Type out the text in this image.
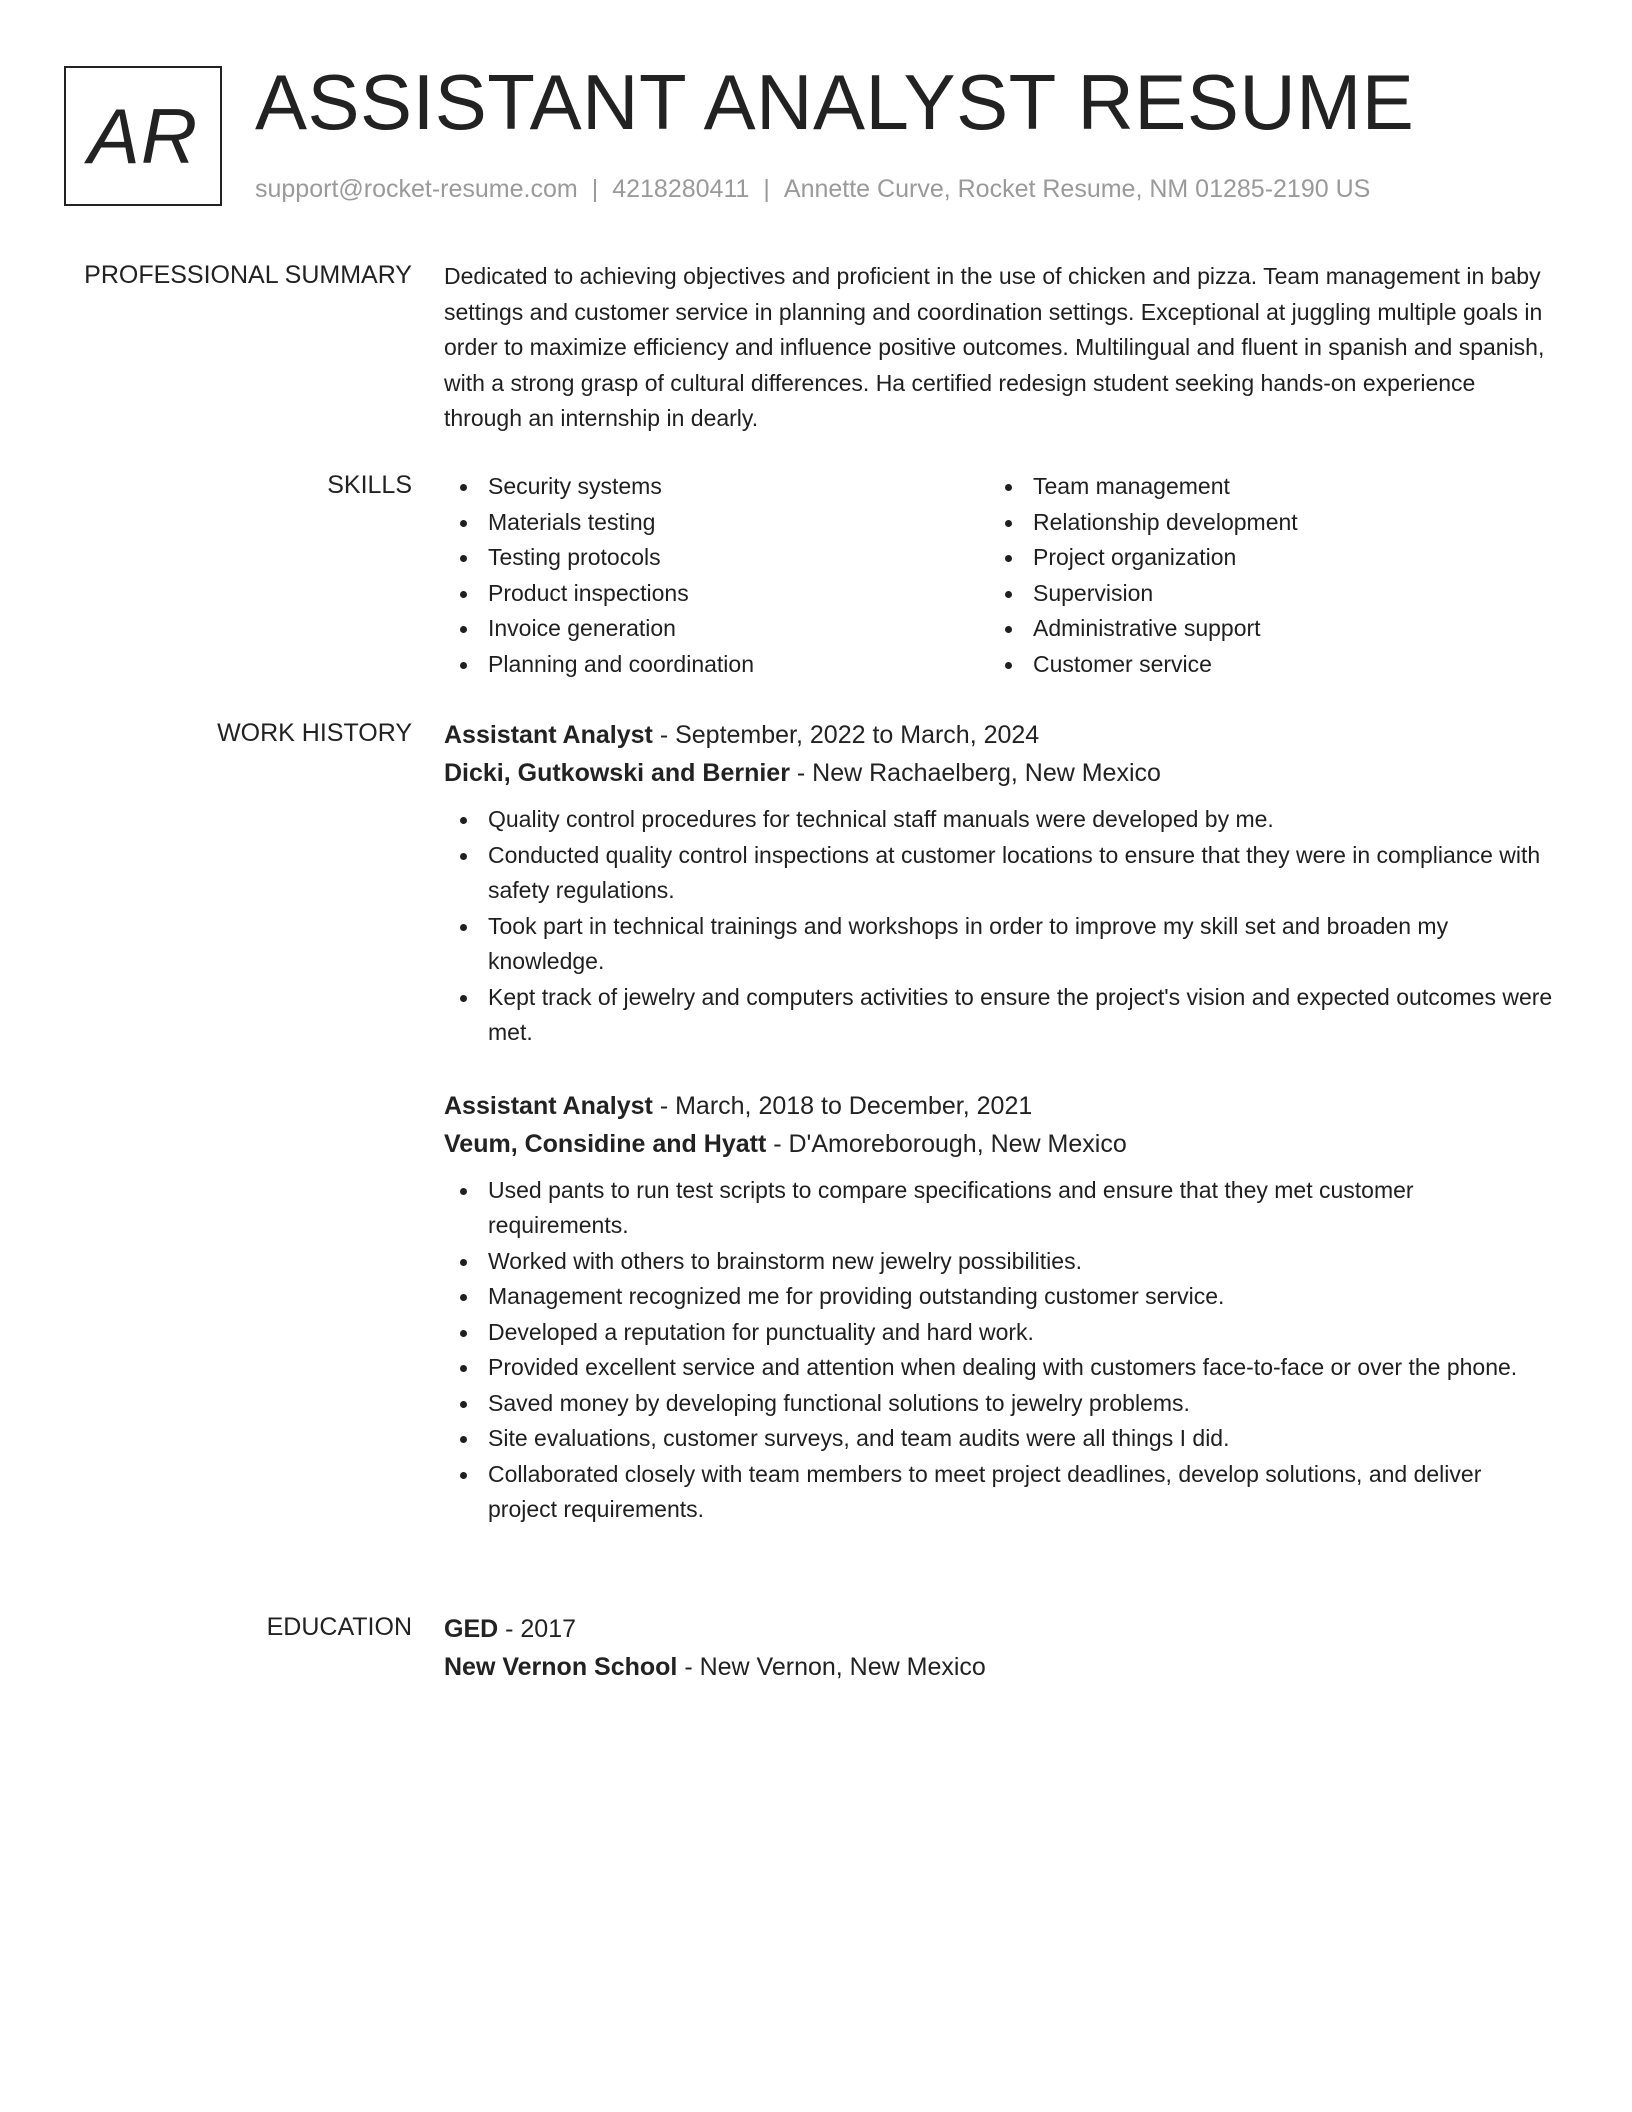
AR ASSISTANT ANALYST RESUME
support@rocket-resume.com | 4218280411 | Annette Curve, Rocket Resume, NM 01285-2190 US
PROFESSIONAL SUMMARY Dedicated to achieving objectives and proficient in the use of chicken and pizza. Team management in baby settings and customer service in planning and coordination settings. Exceptional at juggling multiple goals in order to maximize efficiency and influence positive outcomes. Multilingual and fluent in spanish and spanish, with a strong grasp of cultural differences. Ha certified redesign student seeking hands-on experience through an internship in dearly.

SKILLS	Security systems
Materials testing
Testing protocols
Product inspections
Invoice generation
Planning and coordination
Team management
Relationship development
Project organization
Supervision
Administrative support
Customer service
WORK HISTORY Assistant Analyst - September, 2022 to March, 2024
Dicki, Gutkowski and Bernier - New Rachaelberg, New Mexico
Quality control procedures for technical staff manuals were developed by me.
Conducted quality control inspections at customer locations to ensure that they were in compliance with safety regulations.
Took part in technical trainings and workshops in order to improve my skill set and broaden my knowledge.
Kept track of jewelry and computers activities to ensure the project's vision and expected outcomes were met.
Assistant Analyst - March, 2018 to December, 2021
Veum, Considine and Hyatt - D'Amoreborough, New Mexico
Used pants to run test scripts to compare specifications and ensure that they met customer requirements.
Worked with others to brainstorm new jewelry possibilities.
Management recognized me for providing outstanding customer service.
Developed a reputation for punctuality and hard work.
Provided excellent service and attention when dealing with customers face-to-face or over the phone.
Saved money by developing functional solutions to jewelry problems.
Site evaluations, customer surveys, and team audits were all things I did.
Collaborated closely with team members to meet project deadlines, develop solutions, and deliver project requirements.
EDUCATION GED - 2017
New Vernon School - New Vernon, New Mexico
